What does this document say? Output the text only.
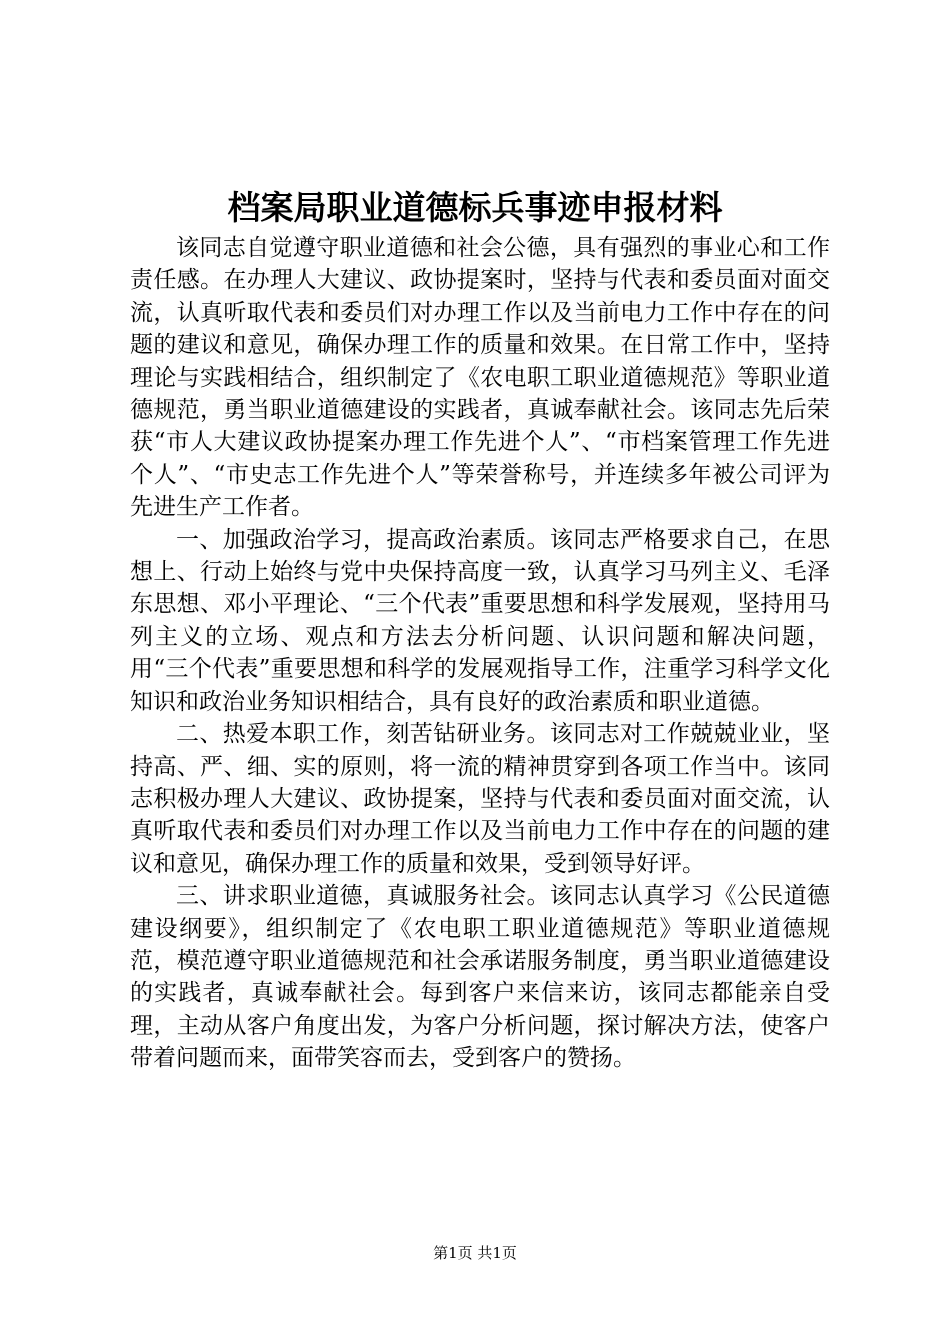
档案局职业道德标兵事迹申报材料

该同志自觉遵守职业道德和社会公德，具有强烈的事业心和工作责任感。在办理人大建议、政协提案时，坚持与代表和委员面对面交流，认真听取代表和委员们对办理工作以及当前电力工作中存在的问题的建议和意见，确保办理工作的质量和效果。在日常工作中，坚持理论与实践相结合，组织制定了《农电职工职业道德规范》等职业道德规范，勇当职业道德建设的实践者，真诚奉献社会。该同志先后荣获“市人大建议政协提案办理工作先进个人”、“市档案管理工作先进个人”、“市史志工作先进个人”等荣誉称号，并连续多年被公司评为先进生产工作者。

一、加强政治学习，提高政治素质。该同志严格要求自己，在思想上、行动上始终与党中央保持高度一致，认真学习马列主义、毛泽东思想、邓小平理论、“三个代表”重要思想和科学发展观，坚持用马列主义的立场、观点和方法去分析问题、认识问题和解决问题，用“三个代表”重要思想和科学的发展观指导工作，注重学习科学文化知识和政治业务知识相结合，具有良好的政治素质和职业道德。

二、热爱本职工作，刻苦钻研业务。该同志对工作兢兢业业，坚持高、严、细、实的原则，将一流的精神贯穿到各项工作当中。该同志积极办理人大建议、政协提案，坚持与代表和委员面对面交流，认真听取代表和委员们对办理工作以及当前电力工作中存在的问题的建议和意见，确保办理工作的质量和效果，受到领导好评。

三、讲求职业道德，真诚服务社会。该同志认真学习《公民道德建设纲要》，组织制定了《农电职工职业道德规范》等职业道德规范，模范遵守职业道德规范和社会承诺服务制度，勇当职业道德建设的实践者，真诚奉献社会。每到客户来信来访，该同志都能亲自受理，主动从客户角度出发，为客户分析问题，探讨解决方法，使客户带着问题而来，面带笑容而去，受到客户的赞扬。

第1页 共1页
